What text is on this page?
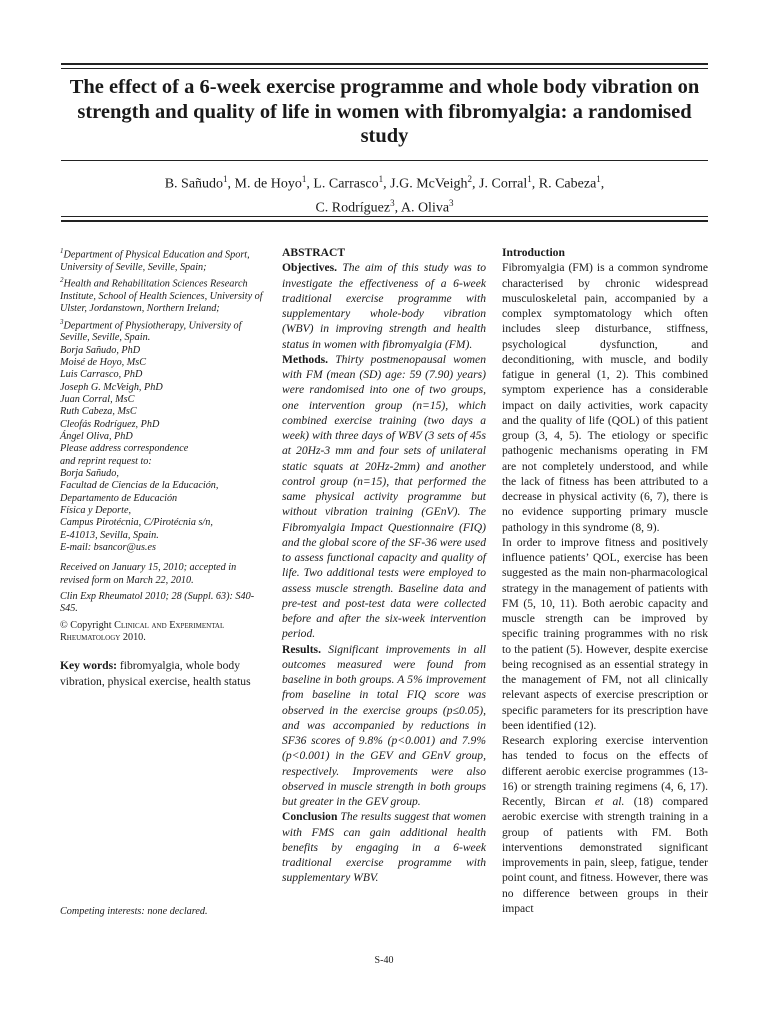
The effect of a 6-week exercise programme and whole body vibration on strength and quality of life in women with fibromyalgia: a randomised study
B. Sañudo$^1$, M. de Hoyo$^1$, L. Carrasco$^1$, J.G. McVeigh$^2$, J. Corral$^1$, R. Cabeza$^1$,
C. Rodríguez$^3$, A. Oliva$^3$

$^1$Department of Physical Education and Sport, University of Seville, Seville, Spain;

$^2$Health and Rehabilitation Sciences Research Institute, School of Health Sciences, University of Ulster, Jordanstown, Northern Ireland;

$^3$Department of Physiotherapy, University of Seville, Seville, Spain.

Borja Sañudo, PhD

Moisé de Hoyo, MsC

Luis Carrasco, PhD

Joseph G. McVeigh, PhD

Juan Corral, MsC

Ruth Cabeza, MsC

Cleofás Rodríguez, PhD

Ángel Oliva, PhD

Please address correspondence

and reprint request to:

Borja Sañudo,

Facultad de Ciencias de la Educación,

Departamento de Educación

Física y Deporte,

Campus Pirotécnia, C/Pirotécnia s/n,

E-41013, Sevilla, Spain.

E-mail: bsancor@us.es

Received on January 15, 2010; accepted in revised form on March 22, 2010.

Clin Exp Rheumatol 2010; 28 (Suppl. 63): S40-S45.

© Copyright Clinical and Experimental Rheumatology 2010.

Key words: fibromyalgia, whole body vibration, physical exercise, health status

Competing interests: none declared.
ABSTRACT

Objectives. The aim of this study was to investigate the effectiveness of a 6-week traditional exercise programme with supplementary whole-body vibration (WBV) in improving strength and health status in women with fibromyalgia (FM).

Methods. Thirty postmenopausal women with FM (mean (SD) age: 59 (7.90) years) were randomised into one of two groups, one intervention group (n=15), which combined exercise training (two days a week) with three days of WBV (3 sets of 45s at 20Hz-3 mm and four sets of unilateral static squats at 20Hz-2mm) and another control group (n=15), that performed the same physical activity programme but without vibration training (GEnV). The Fibromyalgia Impact Questionnaire (FIQ) and the global score of the SF-36 were used to assess functional capacity and quality of life. Two additional tests were employed to assess muscle strength. Baseline data and pre-test and post-test data were collected before and after the six-week intervention period.

Results. Significant improvements in all outcomes measured were found from baseline in both groups. A 5% improvement from baseline in total FIQ score was observed in the exercise groups (p≤0.05), and was accompanied by reductions in SF36 scores of 9.8% (p<0.001) and 7.9% (p<0.001) in the GEV and GEnV group, respectively. Improvements were also observed in muscle strength in both groups but greater in the GEV group.

Conclusion The results suggest that women with FMS can gain additional health benefits by engaging in a 6-week traditional exercise programme with supplementary WBV.

Introduction

Fibromyalgia (FM) is a common syndrome characterised by chronic widespread musculoskeletal pain, accompanied by a complex symptomatology which often includes sleep disturbance, stiffness, psychological dysfunction, and deconditioning, with muscle, and bodily fatigue in general (1, 2). This combined symptom experience has a considerable impact on daily activities, work capacity and the quality of life (QOL) of this patient group (3, 4, 5). The etiology or specific pathogenic mechanisms operating in FM are not completely understood, and while the lack of fitness has been attributed to a decrease in physical activity (6, 7), there is no evidence supporting primary muscle pathology in this syndrome (8, 9).

In order to improve fitness and positively influence patients’ QOL, exercise has been suggested as the main non-pharmacological strategy in the management of patients with FM (5, 10, 11). Both aerobic capacity and muscle strength can be improved by specific training programmes with no risk to the patient (5). However, despite exercise being recognised as an essential strategy in the management of FM, not all clinically relevant aspects of exercise prescription or specific parameters for its prescription have been identified (12).

Research exploring exercise intervention has tended to focus on the effects of different aerobic exercise programmes (13-16) or strength training regimens (4, 6, 17). Recently, Bircan et al. (18) compared aerobic exercise with strength training in a group of patients with FM. Both interventions demonstrated significant improvements in pain, sleep, fatigue, tender point count, and fitness. However, there was no difference between groups in their impact

S-40
